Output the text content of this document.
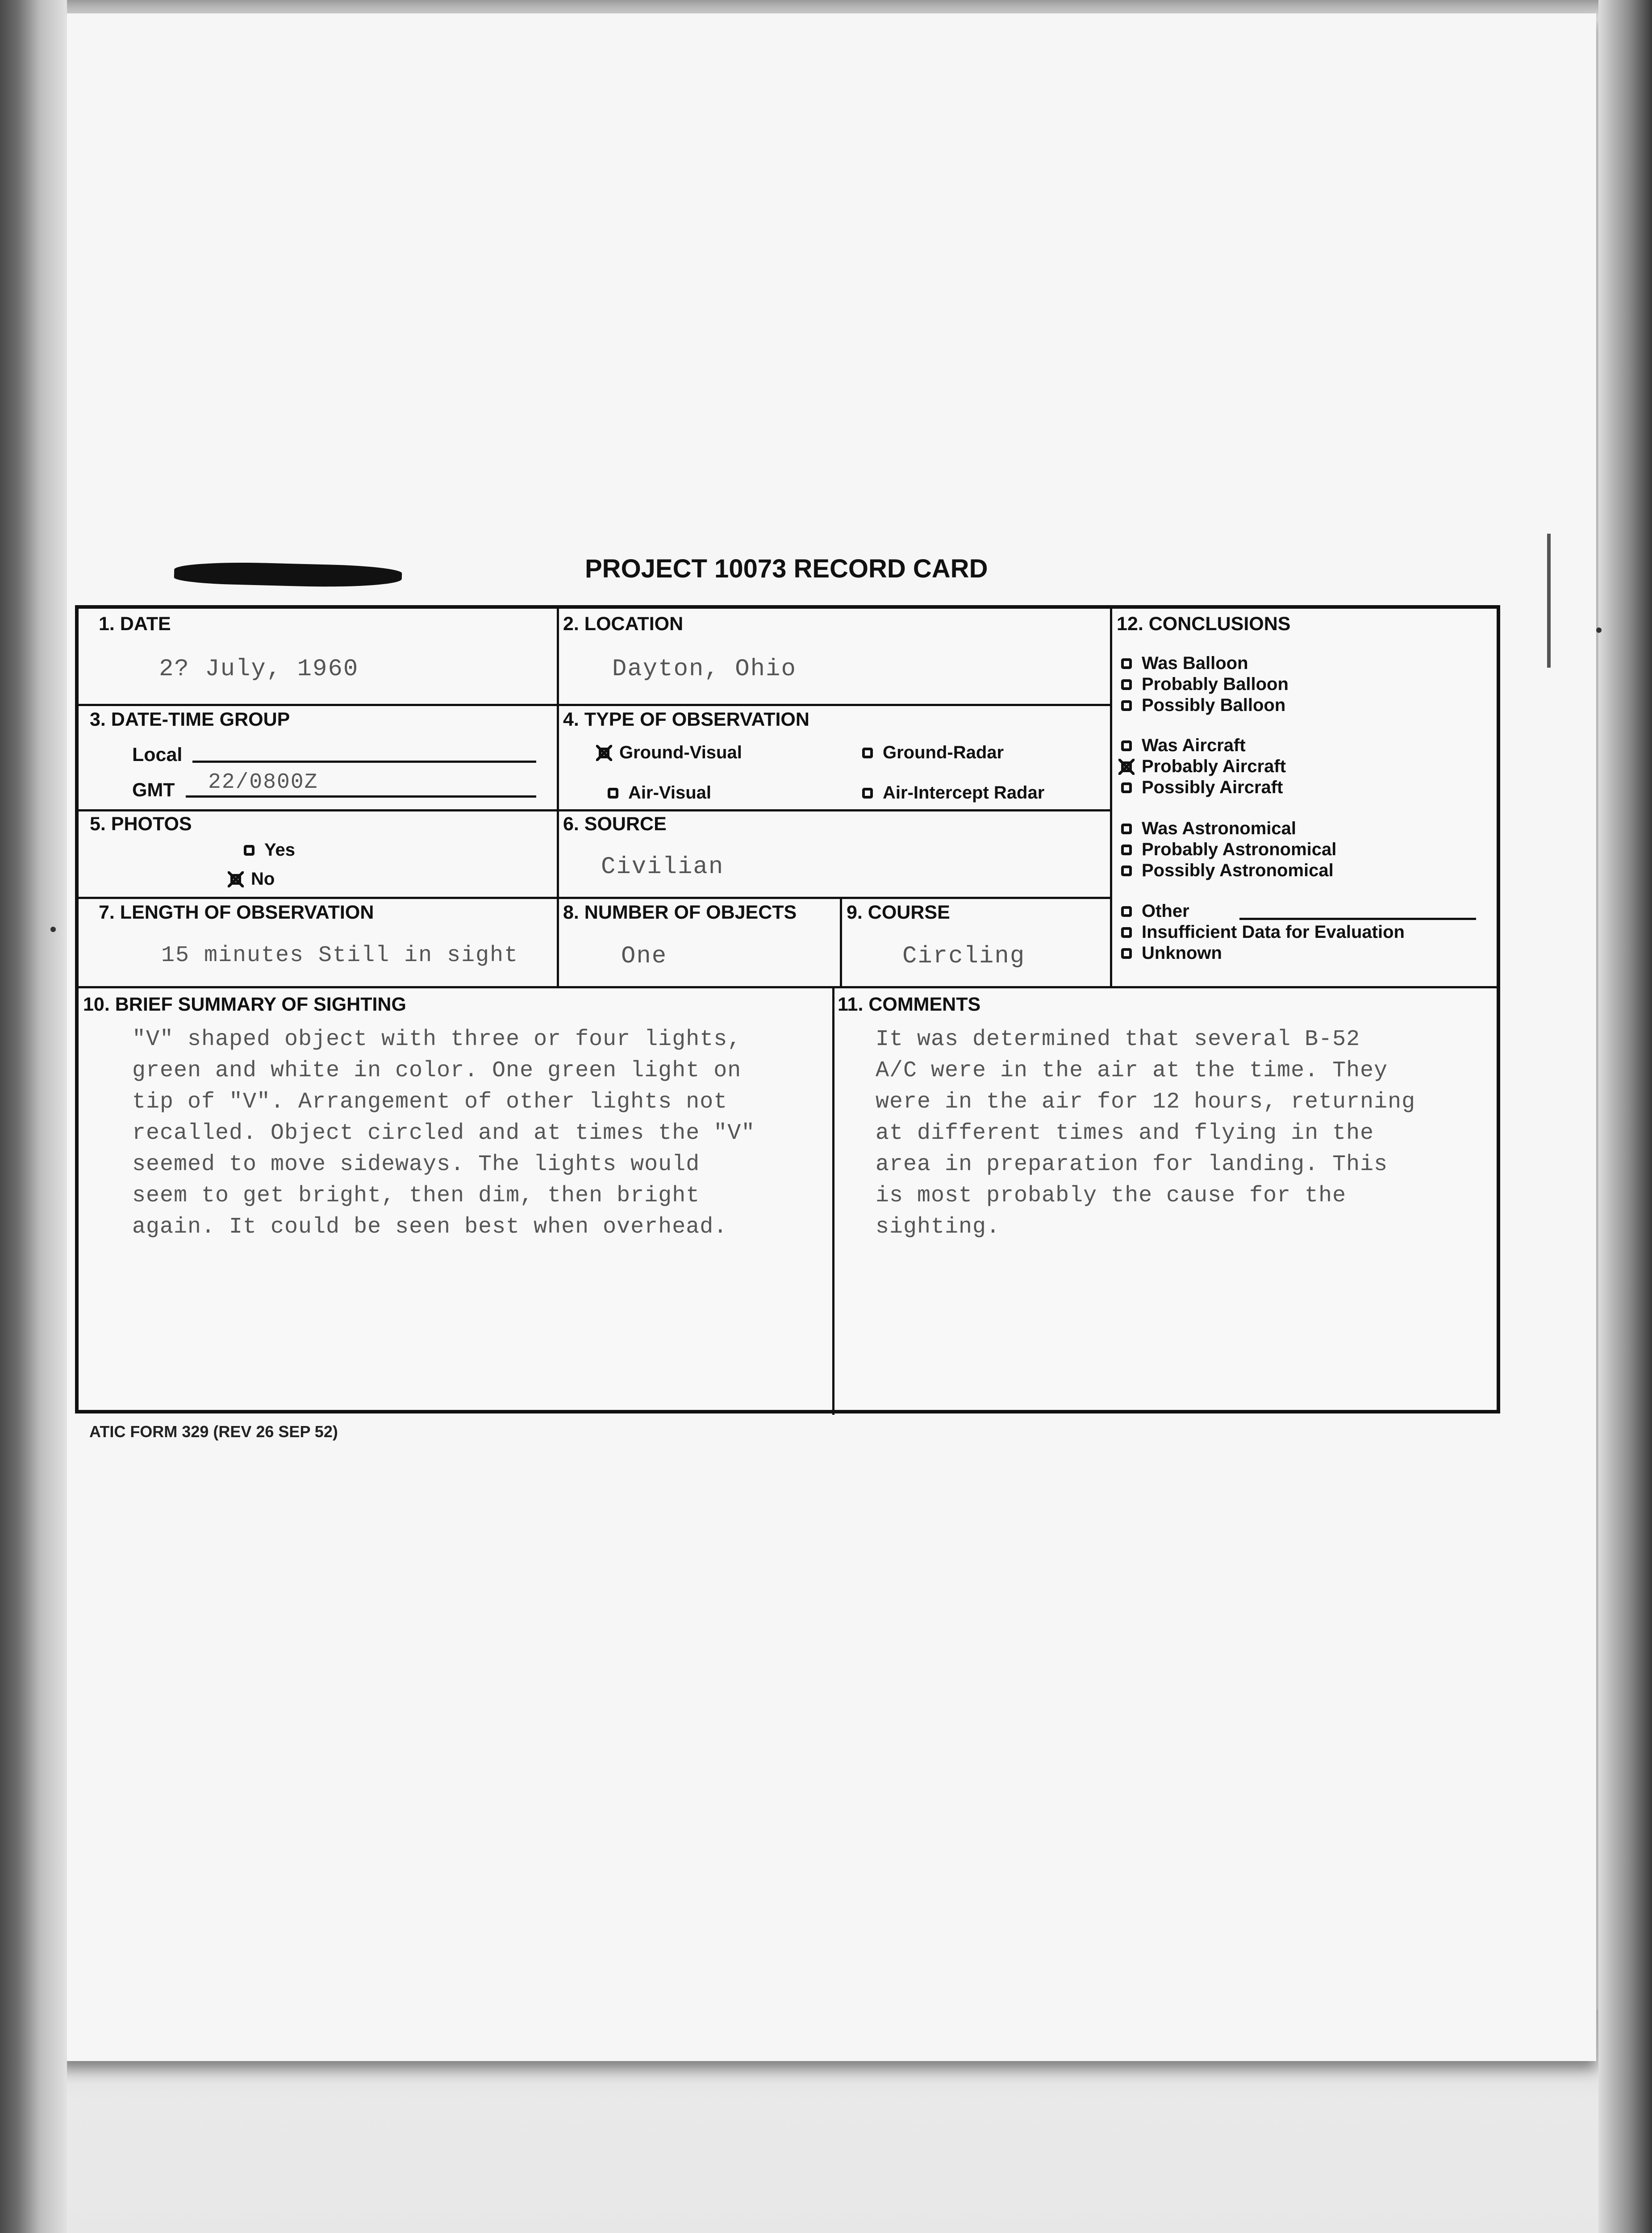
PROJECT 10073 RECORD CARD
1. DATE
2? July, 1960
2. LOCATION
Dayton, Ohio
3. DATE-TIME GROUP
Local
GMT 22/0800Z
4. TYPE OF OBSERVATION
Ground-Visual	Ground-Radar
Air-Visual	Air-Intercept Radar
5. PHOTOS
Yes
No
6. SOURCE
Civilian
7. LENGTH OF OBSERVATION
15 minutes Still in sight
8. NUMBER OF OBJECTS
One
9. COURSE
Circling
10. BRIEF SUMMARY OF SIGHTING
"V" shaped object with three or four lights,
green and white in color. One green light on
tip of "V". Arrangement of other lights not
recalled. Object circled and at times the "V"
seemed to move sideways. The lights would
seem to get bright, then dim, then bright
again. It could be seen best when overhead.
11. COMMENTS
It was determined that several B-52
A/C were in the air at the time. They
were in the air for 12 hours, returning
at different times and flying in the
area in preparation for landing. This
is most probably the cause for the
sighting.
12. CONCLUSIONS
Was Balloon
Probably Balloon
Possibly Balloon
Was Aircraft
Probably Aircraft
Possibly Aircraft
Was Astronomical
Probably Astronomical
Possibly Astronomical
Other
Insufficient Data for Evaluation
Unknown
ATIC FORM 329 (REV 26 SEP 52)
